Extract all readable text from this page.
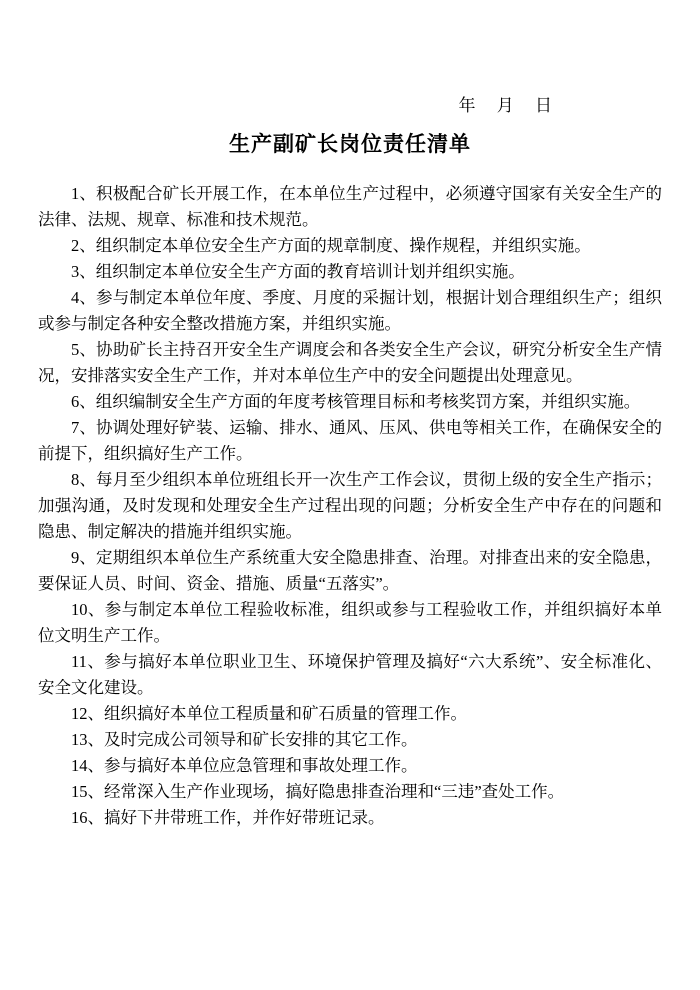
年　 月　 日
生产副矿长岗位责任清单

1、积极配合矿长开展工作，在本单位生产过程中，必须遵守国家有关安全生产的法律、法规、规章、标准和技术规范。

2、组织制定本单位安全生产方面的规章制度、操作规程，并组织实施。

3、组织制定本单位安全生产方面的教育培训计划并组织实施。

4、参与制定本单位年度、季度、月度的采掘计划，根据计划合理组织生产；组织或参与制定各种安全整改措施方案，并组织实施。

5、协助矿长主持召开安全生产调度会和各类安全生产会议，研究分析安全生产情况，安排落实安全生产工作，并对本单位生产中的安全问题提出处理意见。

6、组织编制安全生产方面的年度考核管理目标和考核奖罚方案，并组织实施。

7、协调处理好铲装、运输、排水、通风、压风、供电等相关工作，在确保安全的前提下，组织搞好生产工作。

8、每月至少组织本单位班组长开一次生产工作会议，贯彻上级的安全生产指示；加强沟通，及时发现和处理安全生产过程出现的问题；分析安全生产中存在的问题和隐患、制定解决的措施并组织实施。

9、定期组织本单位生产系统重大安全隐患排查、治理。对排查出来的安全隐患，要保证人员、时间、资金、措施、质量“五落实”。

10、参与制定本单位工程验收标准，组织或参与工程验收工作，并组织搞好本单位文明生产工作。

11、参与搞好本单位职业卫生、环境保护管理及搞好“六大系统”、安全标准化、安全文化建设。

12、组织搞好本单位工程质量和矿石质量的管理工作。

13、及时完成公司领导和矿长安排的其它工作。

14、参与搞好本单位应急管理和事故处理工作。

15、经常深入生产作业现场，搞好隐患排查治理和“三违”查处工作。

16、搞好下井带班工作，并作好带班记录。
